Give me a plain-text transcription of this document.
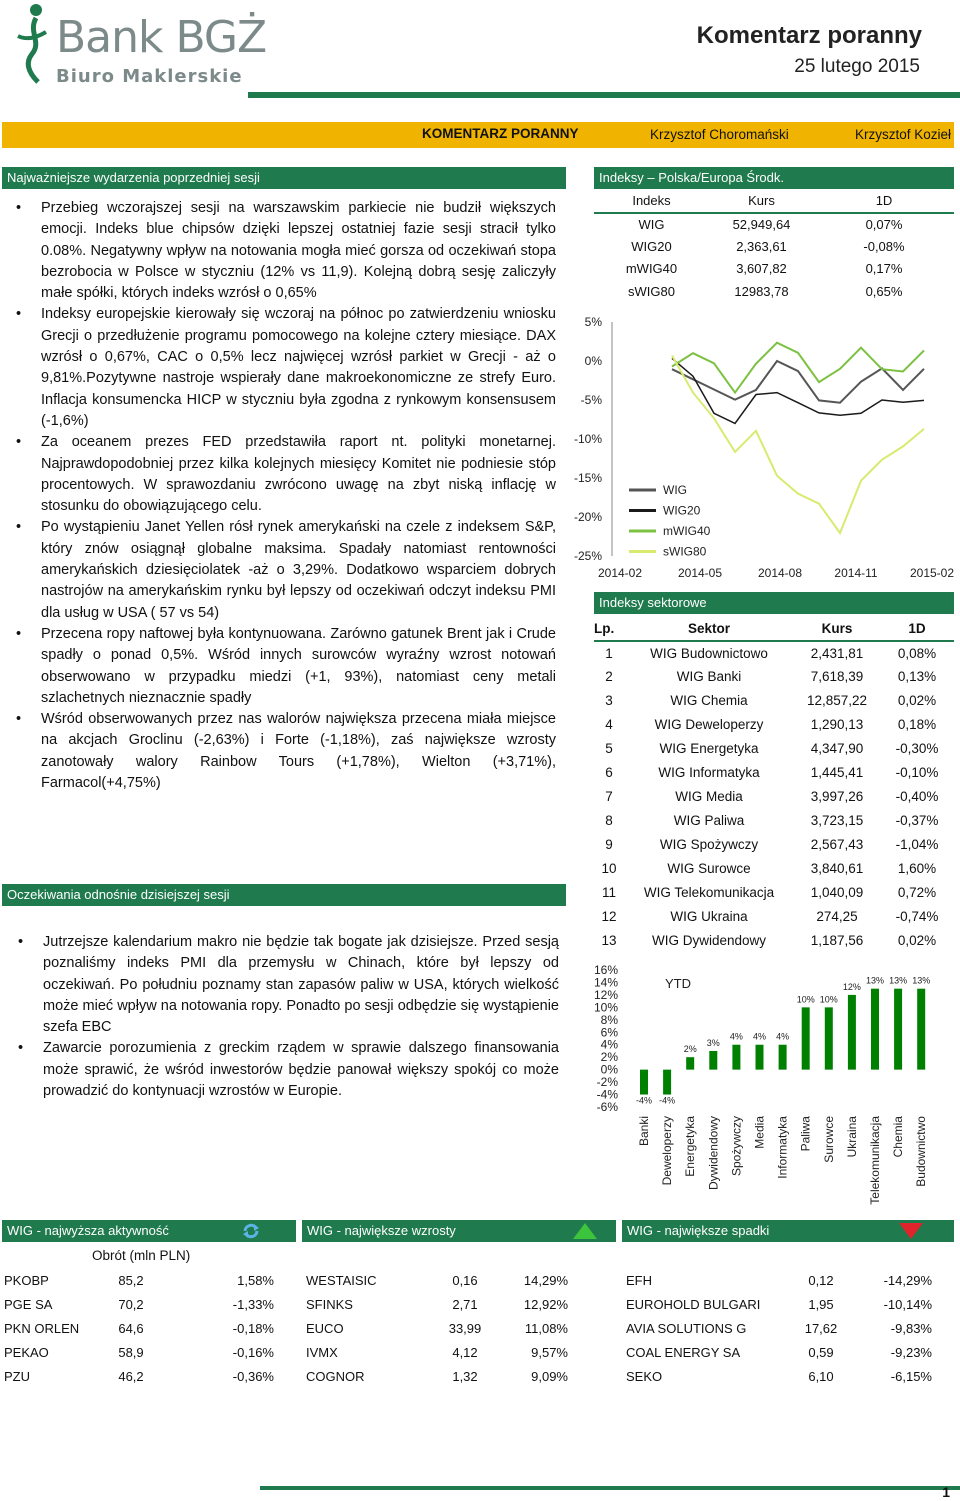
Bank BGŻ
Biuro Maklerskie
Komentarz poranny
25 lutego 2015
KOMENTARZ PORANNY	Krzysztof Choromański	Krzysztof Kozieł
Najważniejsze wydarzenia poprzedniej sesji
• Przebieg wczorajszej sesji na warszawskim parkiecie nie budził większych emocji. Indeks blue chipsów dzięki lepszej ostatniej fazie sesji stracił tylko 0.08%. Negatywny wpływ na notowania mogła mieć gorsza od oczekiwań stopa bezrobocia w Polsce w styczniu (12% vs 11,9). Kolejną dobrą sesję zaliczyły małe spółki, których indeks wzrósł o 0,65%
• Indeksy europejskie kierowały się wczoraj na północ po zatwierdzeniu wniosku Grecji o przedłużenie programu pomocowego na kolejne cztery miesiące. DAX wzrósł o 0,67%, CAC o 0,5% lecz najwięcej wzrósł parkiet w Grecji - aż o 9,81%.Pozytywne nastroje wspierały dane makroekonomiczne ze strefy Euro. Inflacja konsumencka HICP w styczniu była zgodna z rynkowym konsensusem (-1,6%)
• Za oceanem prezes FED przedstawiła raport nt. polityki monetarnej. Najprawdopodobniej przez kilka kolejnych miesięcy Komitet nie podniesie stóp procentowych. W sprawozdaniu zwrócono uwagę na zbyt niską inflację w stosunku do obowiązującego celu.
• Po wystąpieniu Janet Yellen rósł rynek amerykański na czele z indeksem S&P, który znów osiągnął globalne maksima. Spadały natomiast rentowności amerykańskich dziesięciolatek -aż o 3,29%. Dodatkowo wsparciem dobrych nastrojów na amerykańskim rynku był lepszy od oczekiwań odczyt indeksu PMI dla usług w USA ( 57 vs 54)
• Przecena ropy naftowej była kontynuowana. Zarówno gatunek Brent jak i Crude spadły o ponad 0,5%. Wśród innych surowców wyraźny wzrost notowań obserwowano w przypadku miedzi (+1, 93%), natomiast ceny metali szlachetnych nieznacznie spadły
• Wśród obserwowanych przez nas walorów największa przecena miała miejsce na akcjach Groclinu (-2,63%) i Forte (-1,18%), zaś największe wzrosty zanotowały walory Rainbow Tours (+1,78%), Wielton (+3,71%), Farmacol(+4,75%)
Oczekiwania odnośnie dzisiejszej sesji
• Jutrzejsze kalendarium makro nie będzie tak bogate jak dzisiejsze. Przed sesją poznaliśmy indeks PMI dla przemysłu w Chinach, które był lepszy od oczekiwań. Po południu poznamy stan zapasów paliw w USA, których wielkość może mieć wpływ na notowania ropy. Ponadto po sesji odbędzie się wystąpienie szefa EBC
• Zawarcie porozumienia z greckim rządem w sprawie dalszego finansowania może sprawić, że wśród inwestorów będzie panował większy spokój co może prowadzić do kontynuacji wzrostów w Europie.
Indeksy – Polska/Europa Środk.
Indeks	Kurs	1D
WIG	52,949,64	0,07%
WIG20	2,363,61	-0,08%
mWIG40	3,607,82	0,17%
sWIG80	12983,78	0,65%
5%
0%
-5%
-10%
-15%
-20%
-25%
2014-02	2014-05	2014-08	2014-11	2015-02
WIG
WIG20
mWIG40
sWIG80
Indeksy sektorowe
Lp.	Sektor	Kurs	1D
1	WIG Budownictowo	2,431,81	0,08%
2	WIG Banki	7,618,39	0,13%
3	WIG Chemia	12,857,22	0,02%
4	WIG Deweloperzy	1,290,13	0,18%
5	WIG Energetyka	4,347,90	-0,30%
6	WIG Informatyka	1,445,41	-0,10%
7	WIG Media	3,997,26	-0,40%
8	WIG Paliwa	3,723,15	-0,37%
9	WIG Spożywczy	2,567,43	-1,04%
10	WIG Surowce	3,840,61	1,60%
11	WIG Telekomunikacja	1,040,09	0,72%
12	WIG Ukraina	274,25	-0,74%
13	WIG Dywidendowy	1,187,56	0,02%
16%
14%
12%
10%
8%
6%
4%
2%
0%
-2%
-4%
-6%
YTD
-4%
Banki
-4%
Deweloperzy
2%
Energetyka
3%
Dywidendowy
4%
Spożywczy
4%
Media
4%
Informatyka
10%
Paliwa
10%
Surowce
12%
Ukraina
13%
Telekomunikacja
13%
Chemia
13%
Budownictwo
WIG - najwyższa aktywność	WIG - największe wzrosty	WIG - największe spadki
Obrót (mln PLN)
PKOBP	85,2	1,58%
PGE SA	70,2	-1,33%
PKN ORLEN	64,6	-0,18%
PEKAO	58,9	-0,16%
PZU	46,2	-0,36%
WESTAISIC	0,16	14,29%
SFINKS	2,71	12,92%
EUCO	33,99	11,08%
IVMX	4,12	9,57%
COGNOR	1,32	9,09%
EFH	0,12	-14,29%
EUROHOLD BULGARI	1,95	-10,14%
AVIA SOLUTIONS G	17,62	-9,83%
COAL ENERGY SA	0,59	-9,23%
SEKO	6,10	-6,15%
1
